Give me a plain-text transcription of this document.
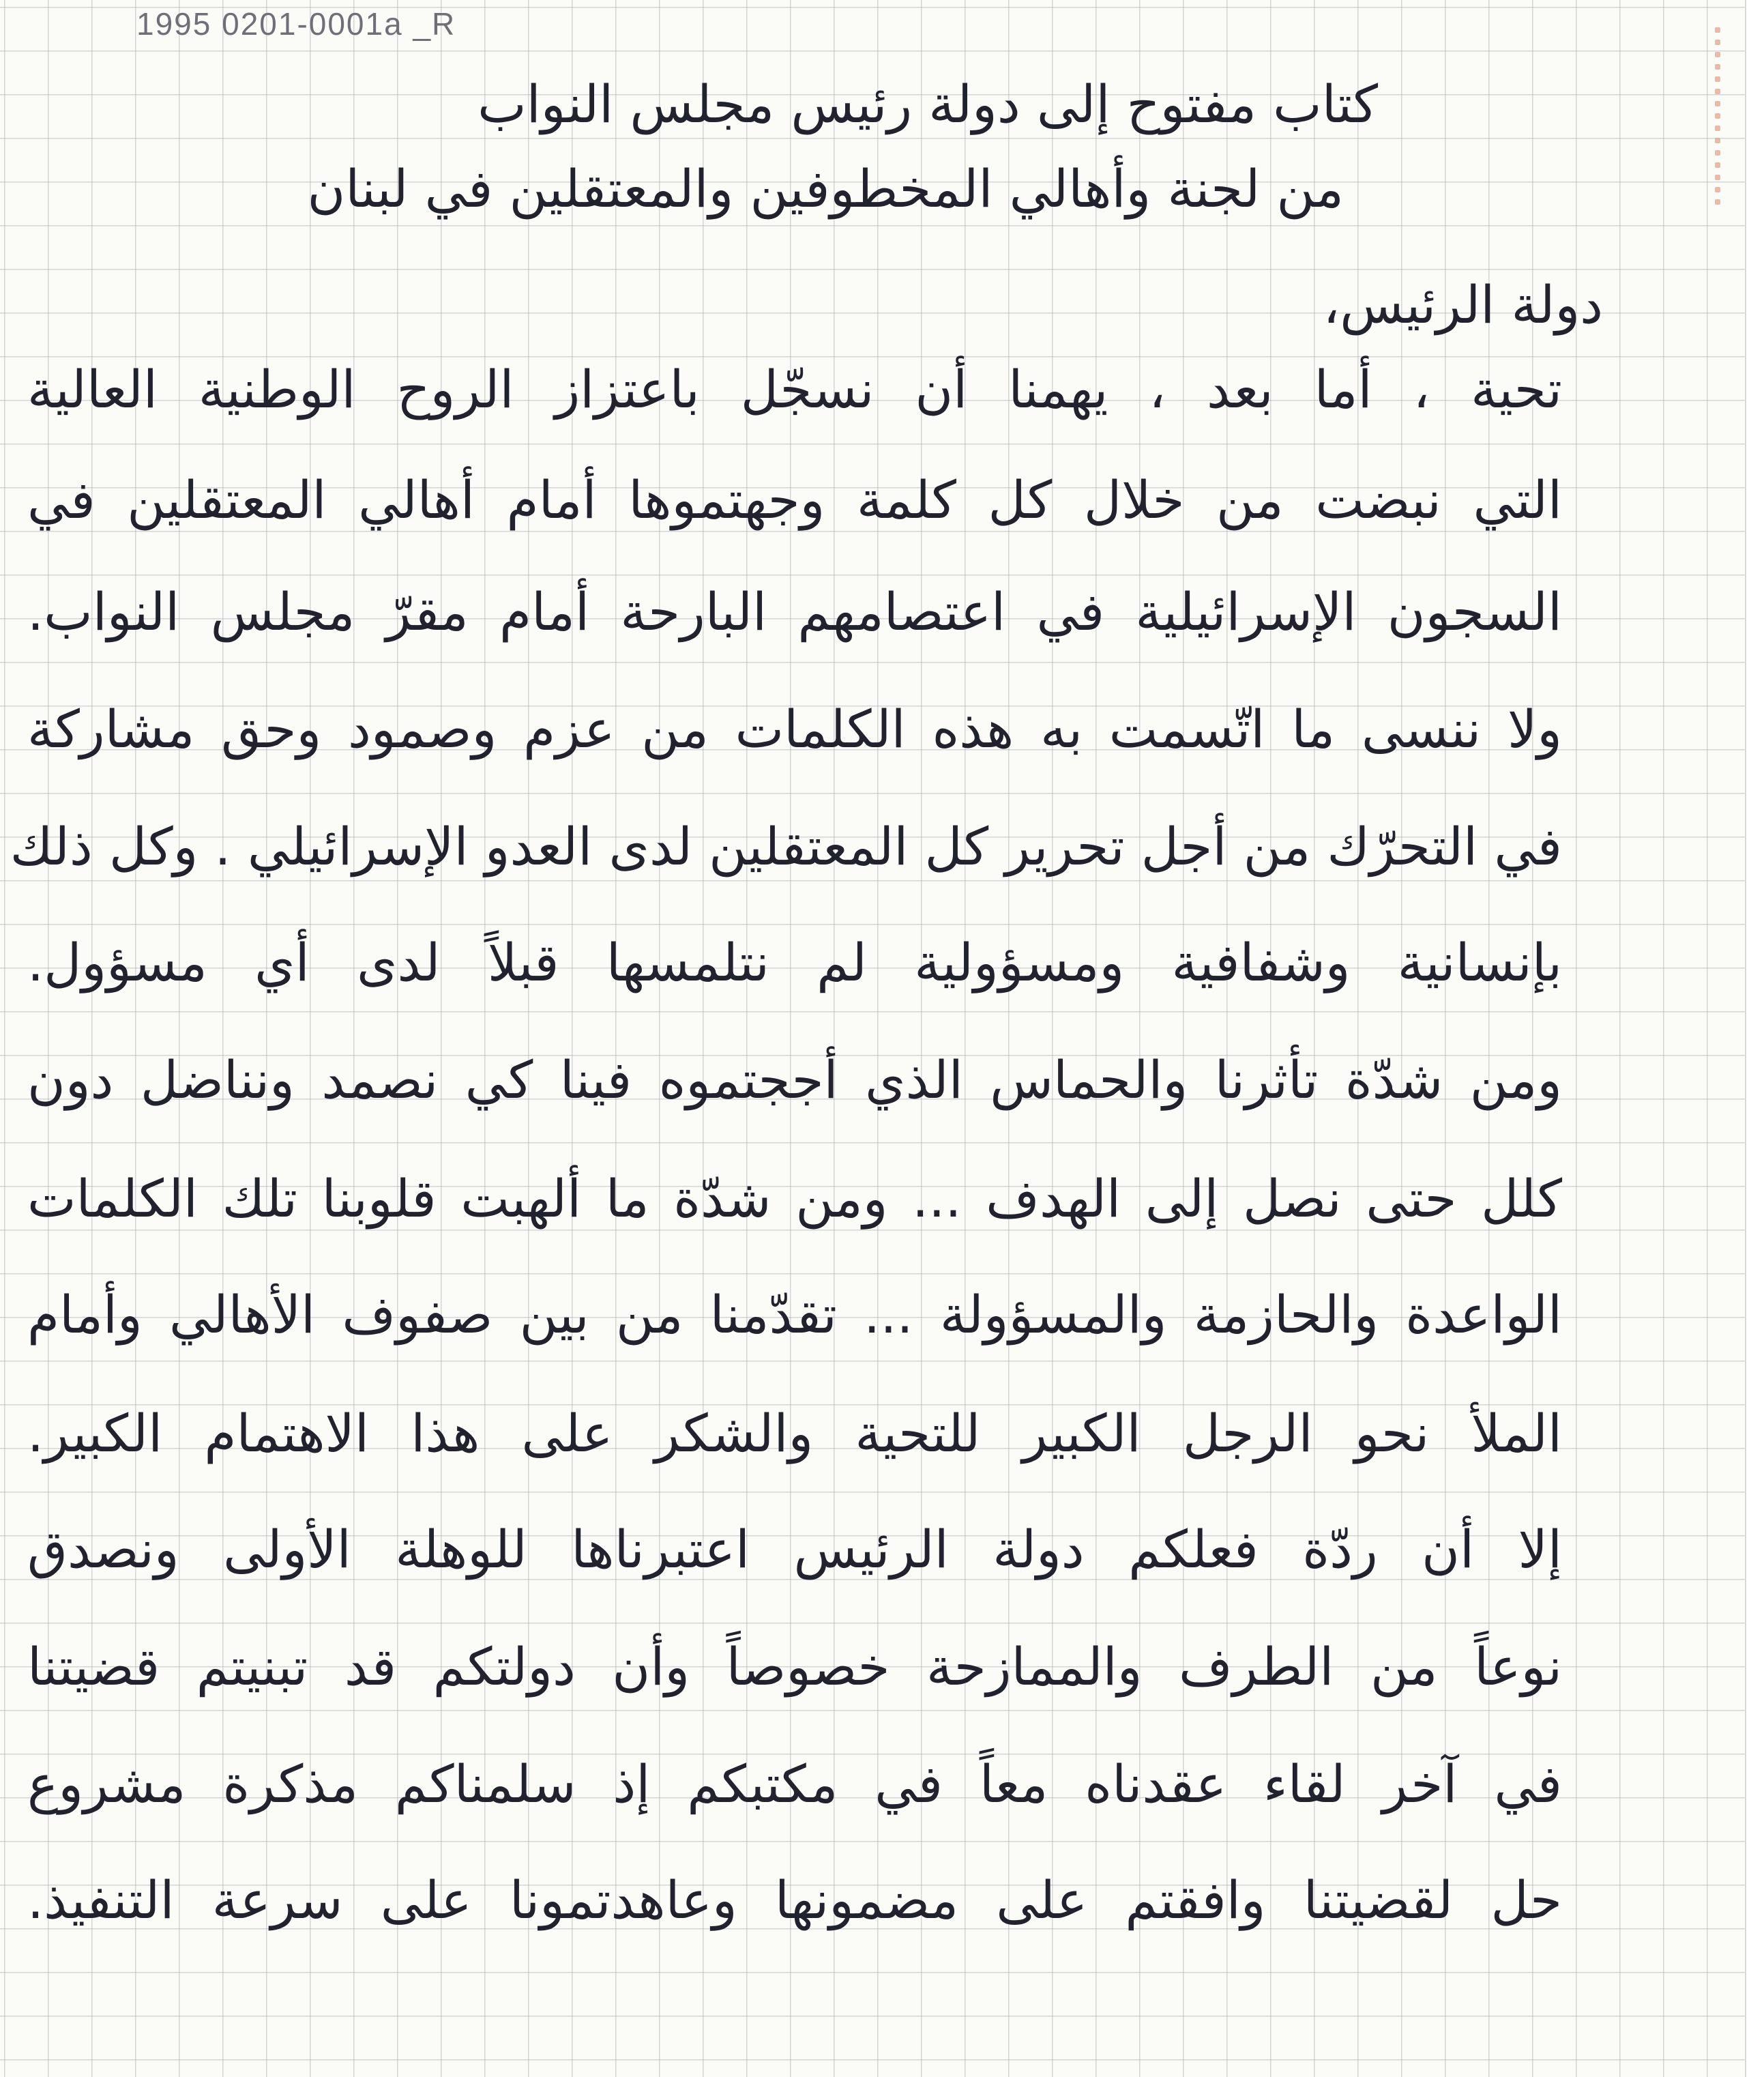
1995 0201-0001a _R
كتاب مفتوح إلى دولة رئيس مجلس النواب
من لجنة وأهالي المخطوفين والمعتقلين في لبنان
دولة الرئيس،
تحية ، أما بعد ، يهمنا أن نسجّل باعتزاز الروح الوطنية العالية
التي نبضت من خلال كل كلمة وجهتموها أمام أهالي المعتقلين في
السجون الإسرائيلية في اعتصامهم البارحة أمام مقرّ مجلس النواب.
ولا ننسى ما اتّسمت به هذه الكلمات من عزم وصمود وحق مشاركة
في التحرّك من أجل تحرير كل المعتقلين لدى العدو الإسرائيلي . وكل ذلك
بإنسانية وشفافية ومسؤولية لم نتلمسها قبلاً لدى أي مسؤول.
ومن شدّة تأثرنا والحماس الذي أججتموه فينا كي نصمد ونناضل دون
كلل حتى نصل إلى الهدف ... ومن شدّة ما ألهبت قلوبنا تلك الكلمات
الواعدة والحازمة والمسؤولة ... تقدّمنا من بين صفوف الأهالي وأمام
الملأ نحو الرجل الكبير للتحية والشكر على هذا الاهتمام الكبير.
إلا أن ردّة فعلكم دولة الرئيس اعتبرناها للوهلة الأولى ونصدق
نوعاً من الطرف والممازحة خصوصاً وأن دولتكم قد تبنيتم قضيتنا
في آخر لقاء عقدناه معاً في مكتبكم إذ سلمناكم مذكرة مشروع
حل لقضيتنا وافقتم على مضمونها وعاهدتمونا على سرعة التنفيذ.
